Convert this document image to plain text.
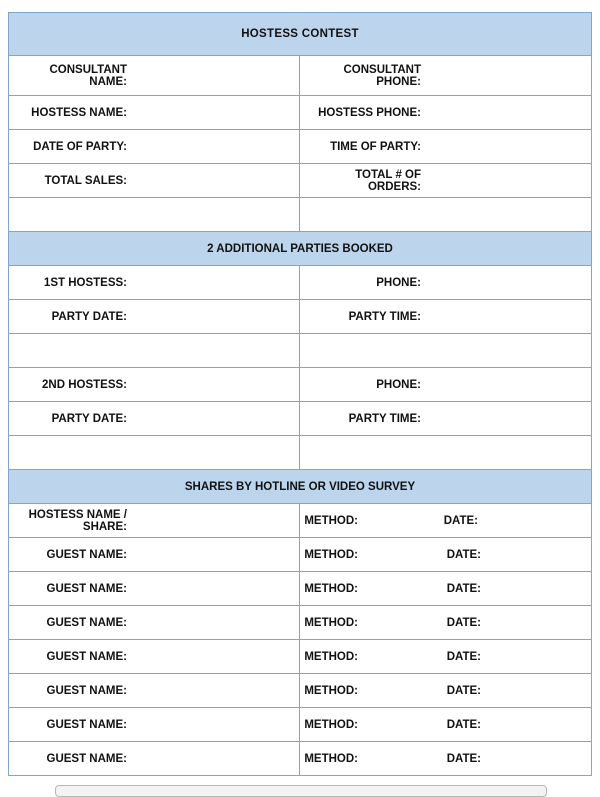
HOSTESS CONTEST	
CONSULTANT NAME:	CONSULTANT PHONE:
HOSTESS NAME:	HOSTESS PHONE:
DATE OF PARTY:	TIME OF PARTY:
TOTAL SALES:	TOTAL # OF ORDERS:

2 ADDITIONAL PARTIES BOOKED	
1ST HOSTESS:	PHONE:
PARTY DATE:	PARTY TIME:

2ND HOSTESS:	PHONE:
PARTY DATE:	PARTY TIME:

SHARES BY HOTLINE OR VIDEO SURVEY	
HOSTESS NAME / SHARE:	METHOD: DATE:
GUEST NAME:	METHOD: DATE:
GUEST NAME:	METHOD: DATE:
GUEST NAME:	METHOD: DATE:
GUEST NAME:	METHOD: DATE:
GUEST NAME:	METHOD: DATE:
GUEST NAME:	METHOD: DATE:
GUEST NAME:	METHOD: DATE:
